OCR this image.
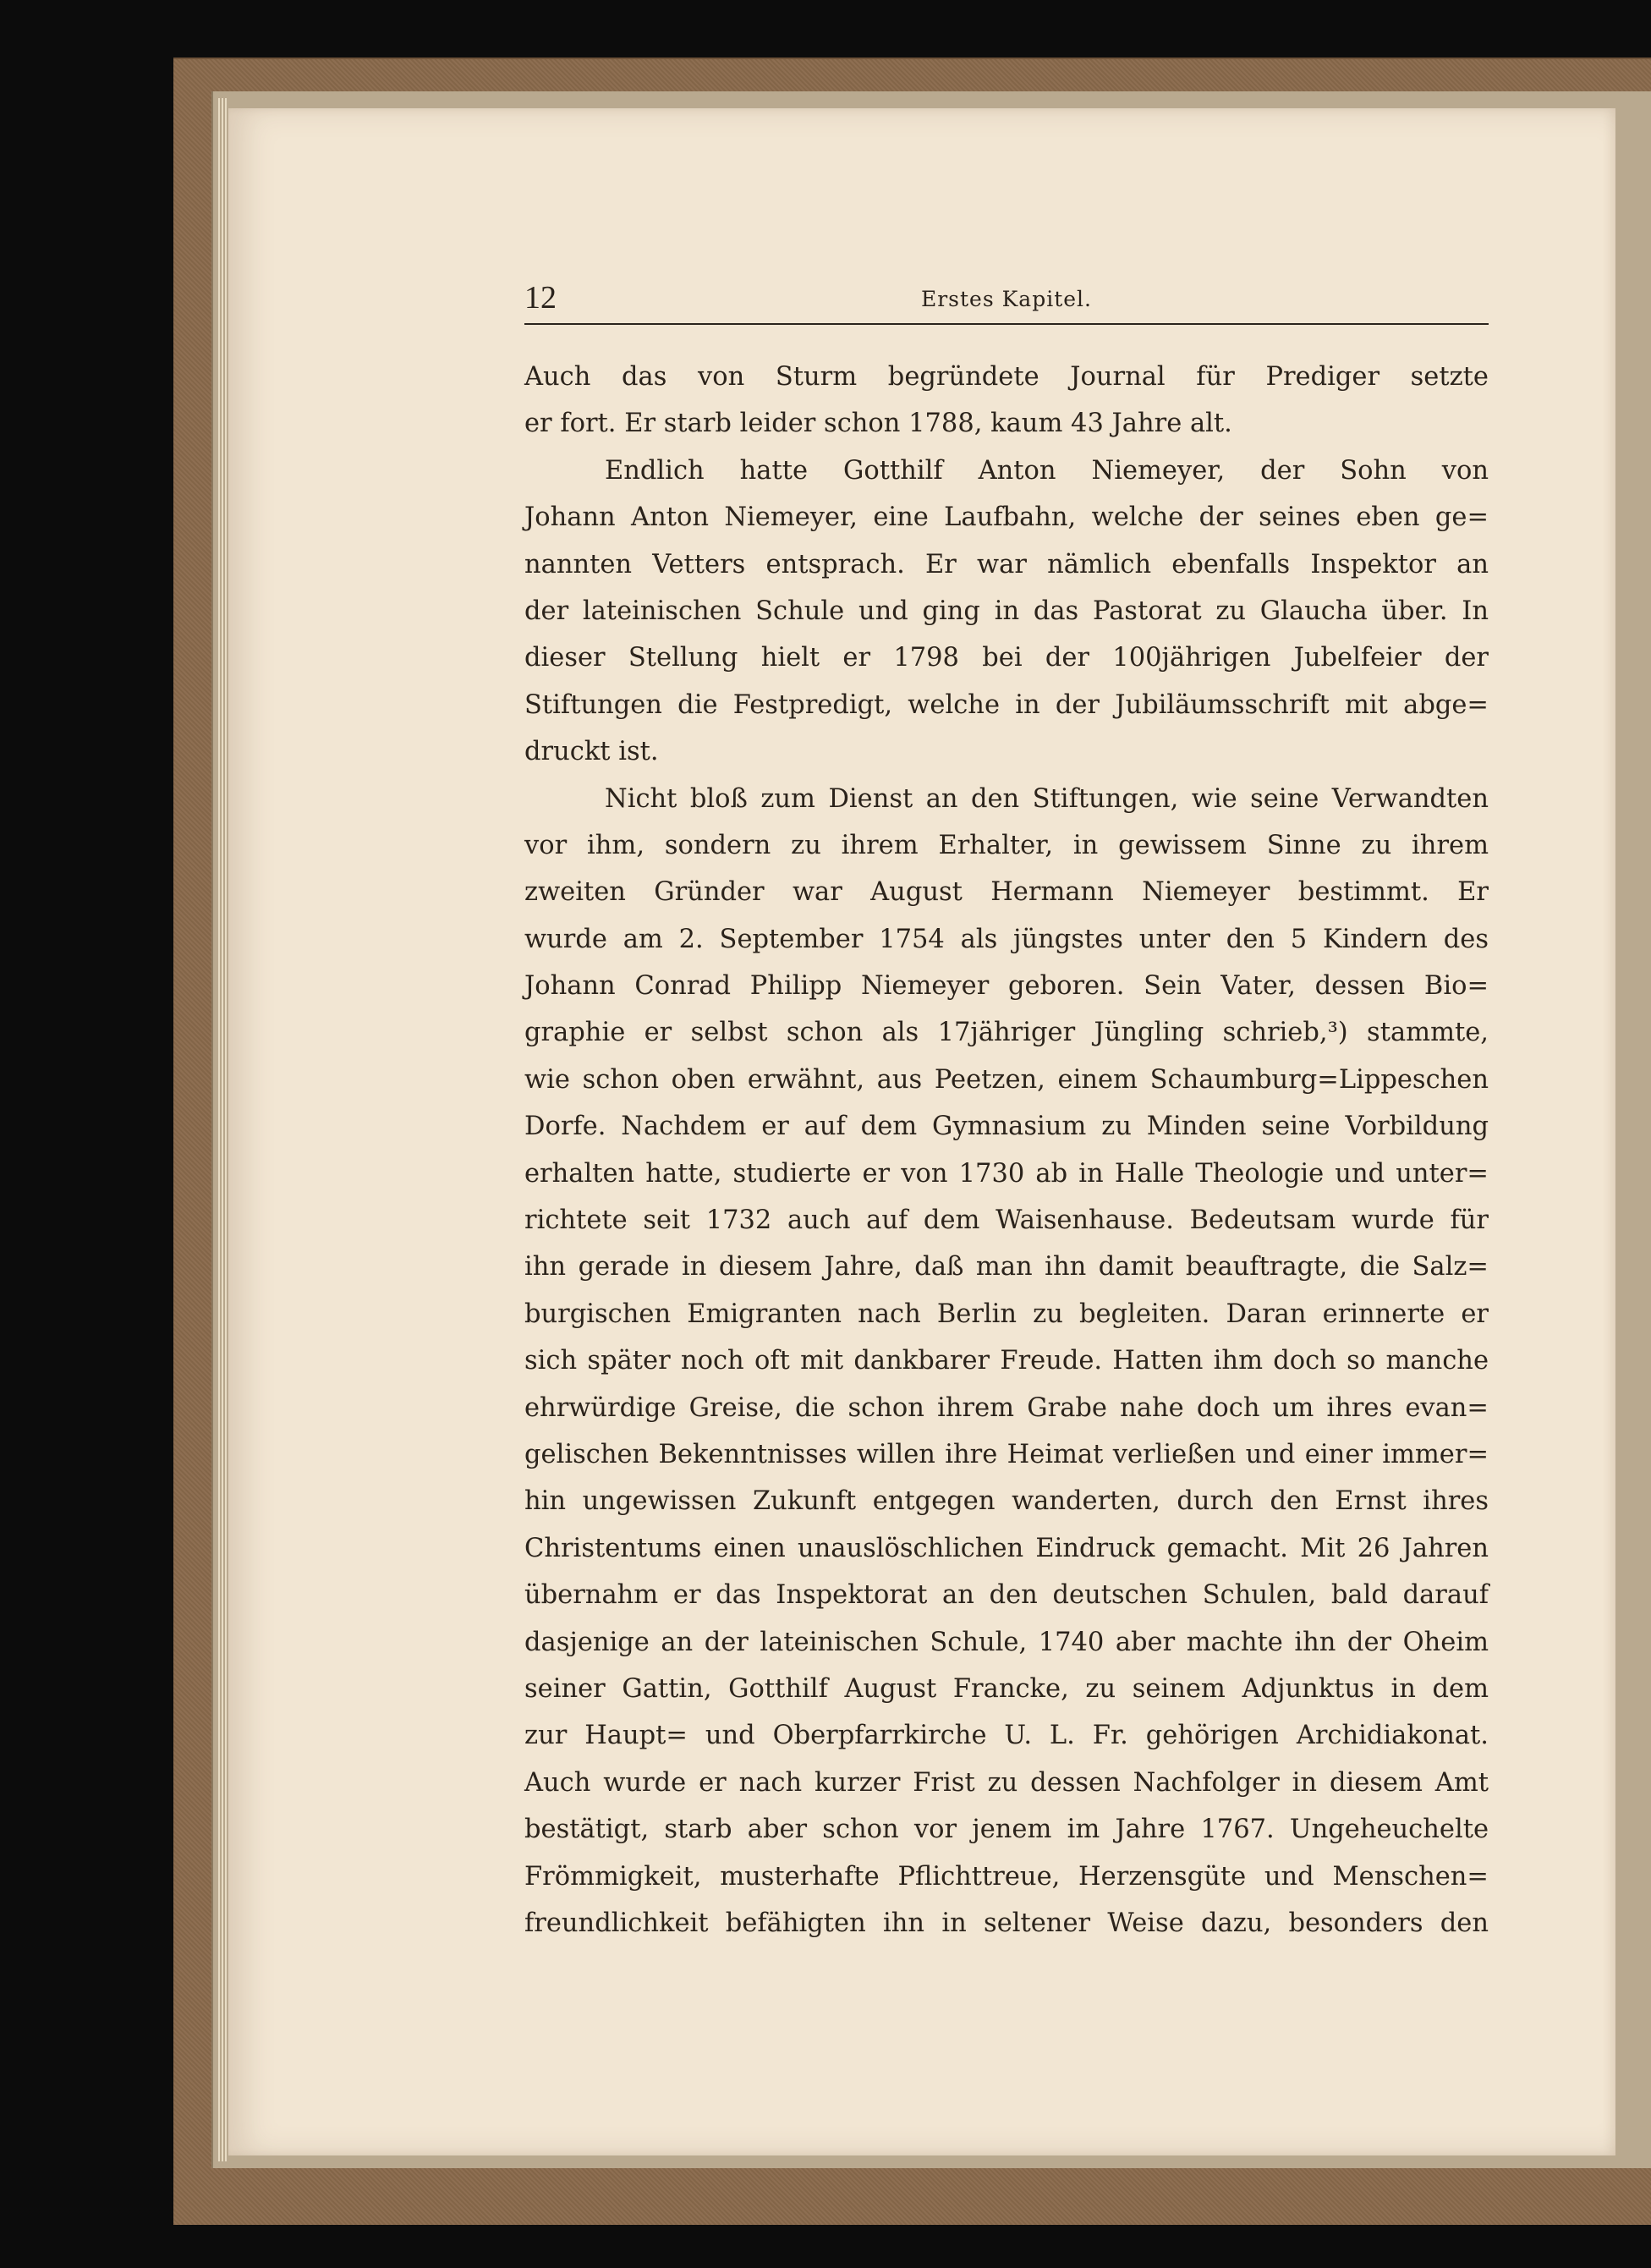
12	Erstes Kapitel.
Auch das von Sturm begründete Journal für Prediger setzte
er fort. Er starb leider schon 1788, kaum 43 Jahre alt.
Endlich hatte Gotthilf Anton Niemeyer, der Sohn von
Johann Anton Niemeyer, eine Laufbahn, welche der seines eben ge=
nannten Vetters entsprach. Er war nämlich ebenfalls Inspektor an
der lateinischen Schule und ging in das Pastorat zu Glaucha über. In
dieser Stellung hielt er 1798 bei der 100jährigen Jubelfeier der
Stiftungen die Festpredigt, welche in der Jubiläumsschrift mit abge=
druckt ist.
Nicht bloß zum Dienst an den Stiftungen, wie seine Verwandten
vor ihm, sondern zu ihrem Erhalter, in gewissem Sinne zu ihrem
zweiten Gründer war August Hermann Niemeyer bestimmt. Er
wurde am 2. September 1754 als jüngstes unter den 5 Kindern des
Johann Conrad Philipp Niemeyer geboren. Sein Vater, dessen Bio=
graphie er selbst schon als 17jähriger Jüngling schrieb,³) stammte,
wie schon oben erwähnt, aus Peetzen, einem Schaumburg=Lippeschen
Dorfe. Nachdem er auf dem Gymnasium zu Minden seine Vorbildung
erhalten hatte, studierte er von 1730 ab in Halle Theologie und unter=
richtete seit 1732 auch auf dem Waisenhause. Bedeutsam wurde für
ihn gerade in diesem Jahre, daß man ihn damit beauftragte, die Salz=
burgischen Emigranten nach Berlin zu begleiten. Daran erinnerte er
sich später noch oft mit dankbarer Freude. Hatten ihm doch so manche
ehrwürdige Greise, die schon ihrem Grabe nahe doch um ihres evan=
gelischen Bekenntnisses willen ihre Heimat verließen und einer immer=
hin ungewissen Zukunft entgegen wanderten, durch den Ernst ihres
Christentums einen unauslöschlichen Eindruck gemacht. Mit 26 Jahren
übernahm er das Inspektorat an den deutschen Schulen, bald darauf
dasjenige an der lateinischen Schule, 1740 aber machte ihn der Oheim
seiner Gattin, Gotthilf August Francke, zu seinem Adjunktus in dem
zur Haupt= und Oberpfarrkirche U. L. Fr. gehörigen Archidiakonat.
Auch wurde er nach kurzer Frist zu dessen Nachfolger in diesem Amt
bestätigt, starb aber schon vor jenem im Jahre 1767. Ungeheuchelte
Frömmigkeit, musterhafte Pflichttreue, Herzensgüte und Menschen=
freundlichkeit befähigten ihn in seltener Weise dazu, besonders den
